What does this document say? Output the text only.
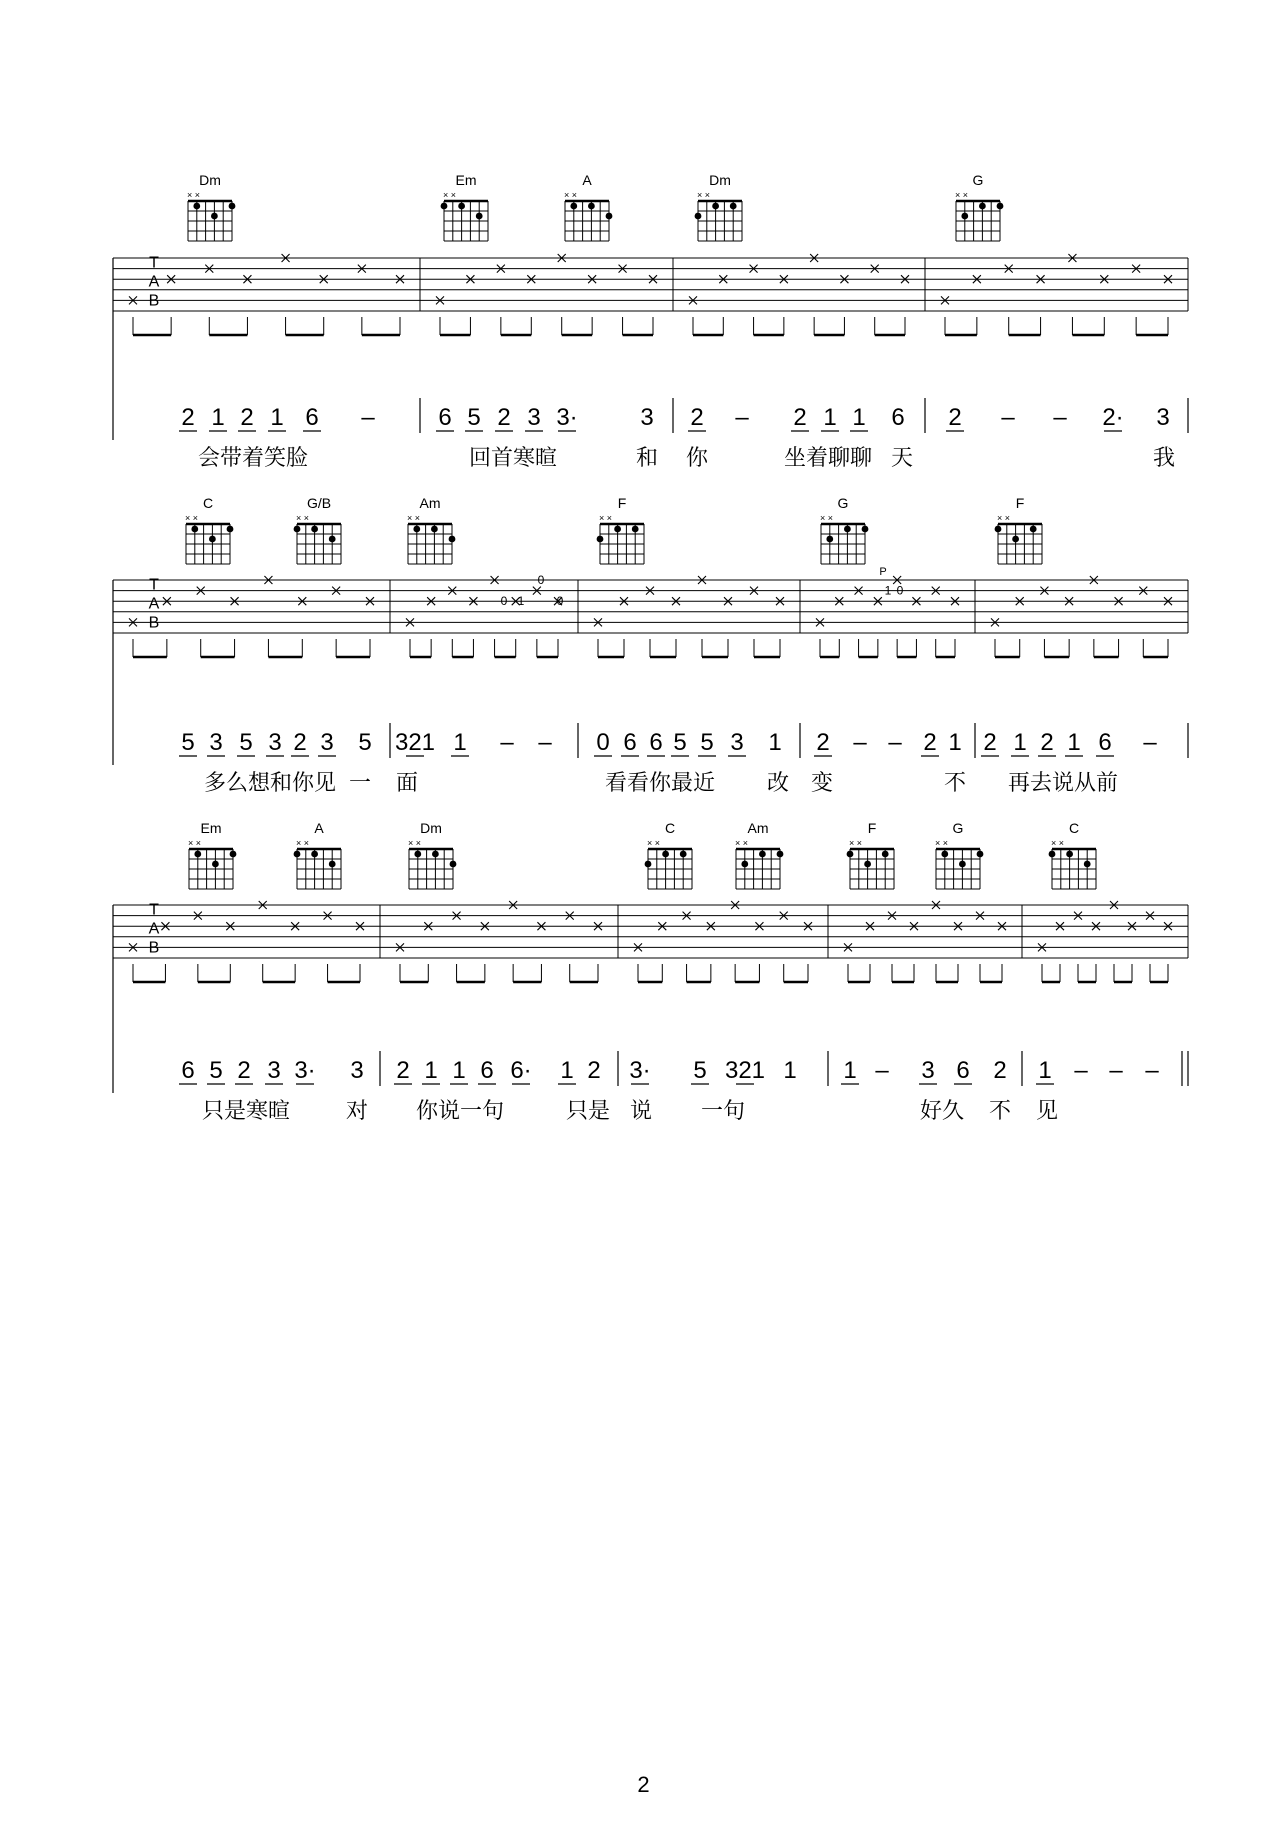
Dm
× ×
Em
× ×
A
× ×
Dm
× ×
G
× ×
T
A
B
2 1 2 1 6 –
会带着笑脸
6 5 2 3 3·	3
回首寒暄	和
2 – 2 1 1 6
你	坐着聊聊 天
2 – – 2· 3
我
C
× ×
G/B
× ×
Am
× ×
F
× ×
G
× ×
F
× ×
T
A
B
0 1
0
0
1 0
P
5 3 5 3 2 3 5
多么想和你见 一 面
321 1 – – 0 6 6 5 5 3 1
看看你最近 改 变
2 – – 2 1
不
2 1 2 1 6 –
再去说从前
Em
× ×
A
× ×
Dm
× ×
C
× ×
Am
× ×
F
× ×
G
× ×
C
× ×
T
A
B
6 5 2 3 3· 3
只是寒暄	对
2 1 1 6 6· 1 2
你说一句	只是
3· 5 321 1
说 一句
1 – 3 6 2
好久 不 见
1 – – –
2
